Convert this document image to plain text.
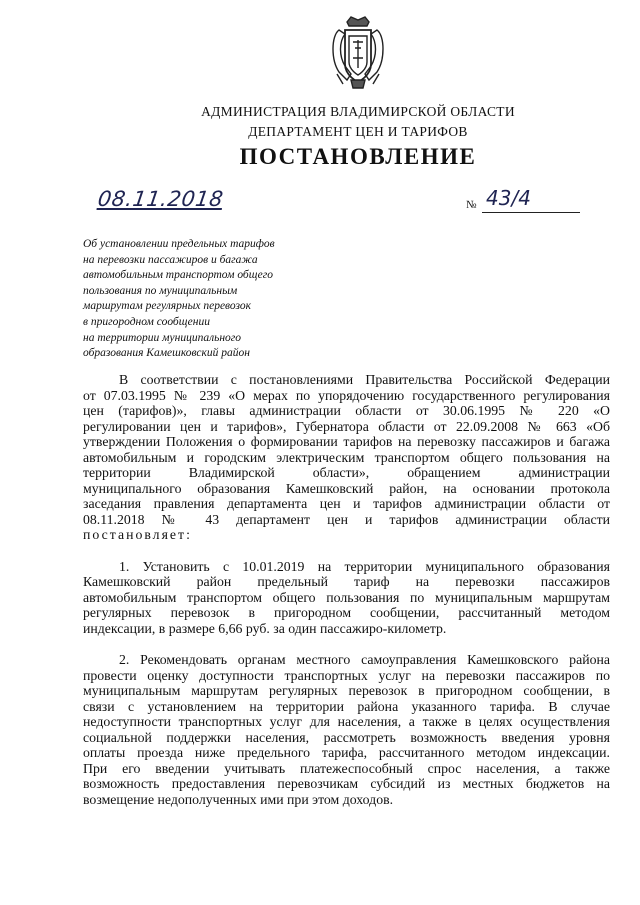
АДМИНИСТРАЦИЯ ВЛАДИМИРСКОЙ ОБЛАСТИ
ДЕПАРТАМЕНТ ЦЕН И ТАРИФОВ
ПОСТАНОВЛЕНИЕ
08.11.2018	№ 43/4
Об установлении предельных тарифов
на перевозки пассажиров и багажа
автомобильным транспортом общего
пользования по муниципальным
маршрутам регулярных перевозок
в пригородном сообщении
на территории муниципального
образования Камешковский район
В соответствии с постановлениями Правительства Российской Федерации
от 07.03.1995 № 239 «О мерах по упорядочению государственного регулирования
цен (тарифов)», главы администрации области от 30.06.1995 № 220 «О
регулировании цен и тарифов», Губернатора области от 22.09.2008 № 663 «Об
утверждении Положения о формировании тарифов на перевозку пассажиров и багажа
автомобильным и городским электрическим транспортом общего пользования на
территории Владимирской области», обращением администрации
муниципального образования Камешковский район, на основании протокола
заседания правления департамента цен и тарифов администрации области от
08.11.2018 № 43 департамент цен и тарифов администрации области
постановляет:
1. Установить с 10.01.2019 на территории муниципального образования
Камешковский район предельный тариф на перевозки пассажиров
автомобильным транспортом общего пользования по муниципальным маршрутам
регулярных перевозок в пригородном сообщении, рассчитанный методом
индексации, в размере 6,66 руб. за один пассажиро-километр.
2. Рекомендовать органам местного самоуправления Камешковского района
провести оценку доступности транспортных услуг на перевозки пассажиров по
муниципальным маршрутам регулярных перевозок в пригородном сообщении, в
связи с установлением на территории района указанного тарифа. В случае
недоступности транспортных услуг для населения, а также в целях осуществления
социальной поддержки населения, рассмотреть возможность введения уровня
оплаты проезда ниже предельного тарифа, рассчитанного методом индексации.
При его введении учитывать платежеспособный спрос населения, а также
возможность предоставления перевозчикам субсидий из местных бюджетов на
возмещение недополученных ими при этом доходов.
